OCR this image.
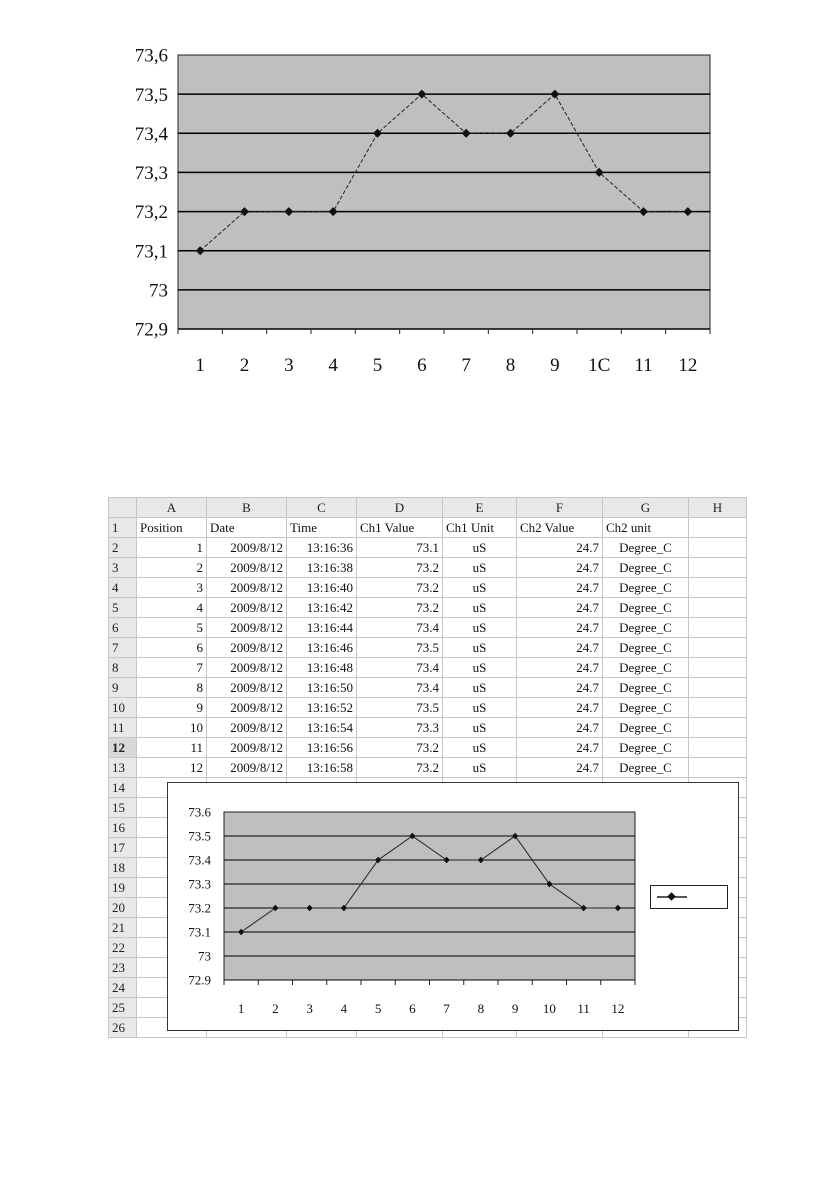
73,6
73,5
73,4
73,3
73,2
73,1
73
72,9
1 2 3 4 5 6 7 8 9 1C 11 12
	A	B	C	D	E	F	G	H
1	Position	Date	Time	Ch1 Value	Ch1 Unit	Ch2 Value	Ch2 unit	
2	1	2009/8/12	13:16:36	73.1	uS	24.7	Degree_C	
3	2	2009/8/12	13:16:38	73.2	uS	24.7	Degree_C	
4	3	2009/8/12	13:16:40	73.2	uS	24.7	Degree_C	
5	4	2009/8/12	13:16:42	73.2	uS	24.7	Degree_C	
6	5	2009/8/12	13:16:44	73.4	uS	24.7	Degree_C	
7	6	2009/8/12	13:16:46	73.5	uS	24.7	Degree_C	
8	7	2009/8/12	13:16:48	73.4	uS	24.7	Degree_C	
9	8	2009/8/12	13:16:50	73.4	uS	24.7	Degree_C	
10	9	2009/8/12	13:16:52	73.5	uS	24.7	Degree_C	
11	10	2009/8/12	13:16:54	73.3	uS	24.7	Degree_C	
12	11	2009/8/12	13:16:56	73.2	uS	24.7	Degree_C	
13	12	2009/8/12	13:16:58	73.2	uS	24.7	Degree_C	
14								
15								
16								
17								
18								
19								
20								
21								
22								
23								
24								
25								
26								
73.6
73.5
73.4
73.3
73.2
73.1
73
72.9
1 2 3 4 5 6 7 8 9 10 11 12
